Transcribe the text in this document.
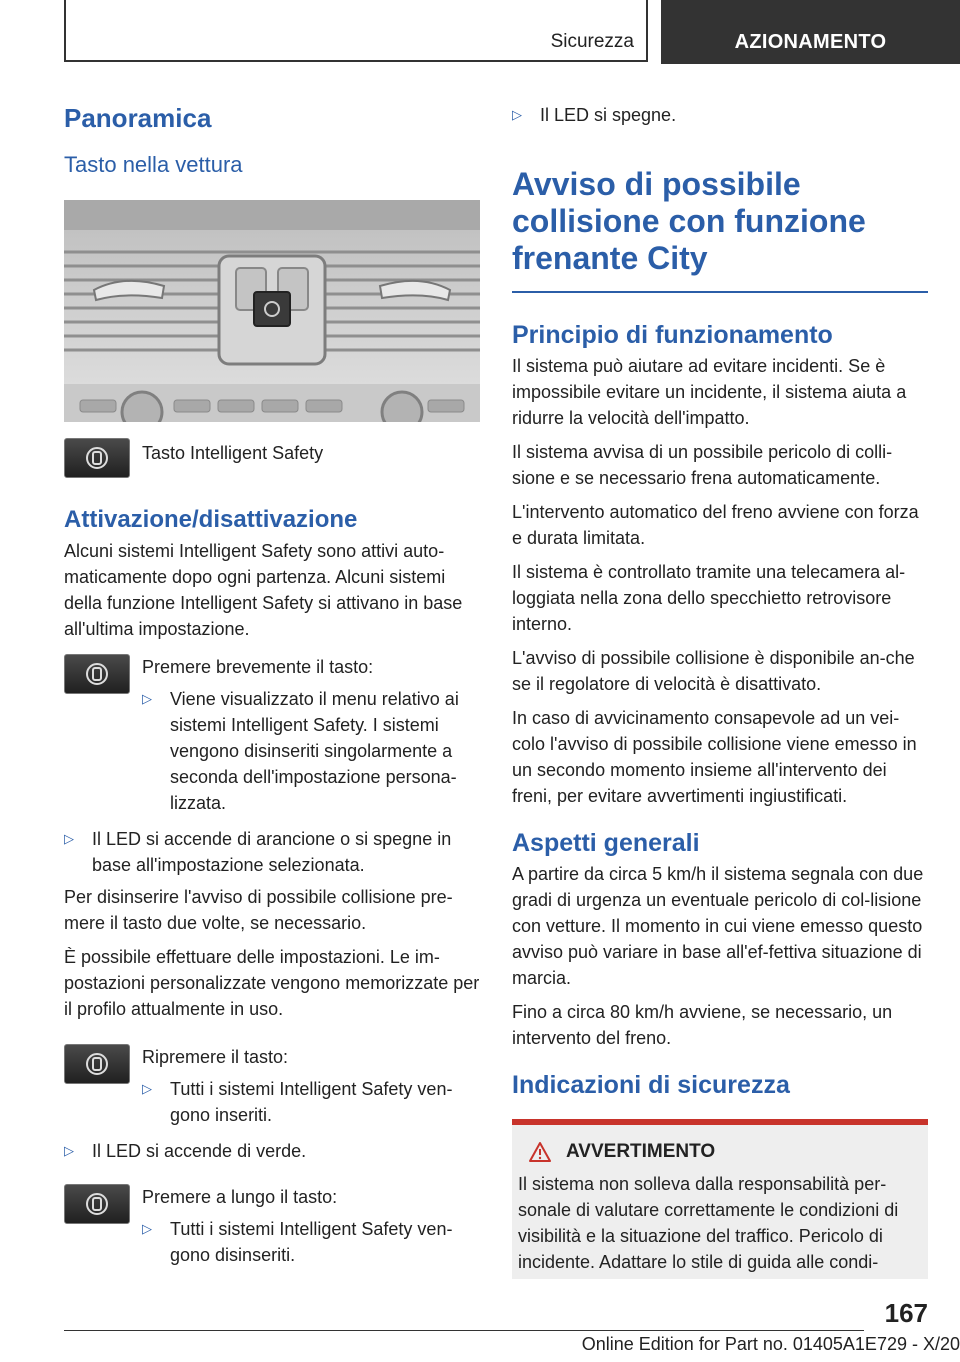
Sicurezza	AZIONAMENTO
Panoramica
Tasto nella vettura
Tasto Intelligent Safety
Attivazione/disattivazione

Alcuni sistemi Intelligent Safety sono attivi auto-maticamente dopo ogni partenza. Alcuni sistemi della funzione Intelligent Safety si attivano in base all'ultima impostazione.

Premere brevemente il tasto:

▷	Viene visualizzato il menu relativo ai sistemi Intelligent Safety. I sistemi vengono disinseriti singolarmente a seconda dell'impostazione persona-lizzata.
▷	Il LED si accende di arancione o si spegne in base all'impostazione selezionata.

Per disinserire l'avviso di possibile collisione pre-mere il tasto due volte, se necessario.

È possibile effettuare delle impostazioni. Le im-postazioni personalizzate vengono memorizzate per il profilo attualmente in uso.

Ripremere il tasto:

▷	Tutti i sistemi Intelligent Safety ven-gono inseriti.
▷	Il LED si accende di verde.

Premere a lungo il tasto:

▷	Tutti i sistemi Intelligent Safety ven-gono disinseriti.
▷	Il LED si spegne.
Avviso di possibile collisione con funzione frenante City
Principio di funzionamento

Il sistema può aiutare ad evitare incidenti. Se è impossibile evitare un incidente, il sistema aiuta a ridurre la velocità dell'impatto.

Il sistema avvisa di un possibile pericolo di colli-sione e se necessario frena automaticamente.

L'intervento automatico del freno avviene con forza e durata limitata.

Il sistema è controllato tramite una telecamera al-loggiata nella zona dello specchietto retrovisore interno.

L'avviso di possibile collisione è disponibile an-che se il regolatore di velocità è disattivato.

In caso di avvicinamento consapevole ad un vei-colo l'avviso di possibile collisione viene emesso in un secondo momento insieme all'intervento dei freni, per evitare avvertimenti ingiustificati.

Aspetti generali

A partire da circa 5 km/h il sistema segnala con due gradi di urgenza un eventuale pericolo di col-lisione con vetture. Il momento in cui viene emesso questo avviso può variare in base all'ef-fettiva situazione di marcia.

Fino a circa 80 km/h avviene, se necessario, un intervento del freno.

Indicazioni di sicurezza
AVVERTIMENTO

Il sistema non solleva dalla responsabilità per-sonale di valutare correttamente le condizioni di visibilità e la situazione del traffico. Pericolo di incidente. Adattare lo stile di guida alle condi-

167
Online Edition for Part no. 01405A1E729 - X/20
